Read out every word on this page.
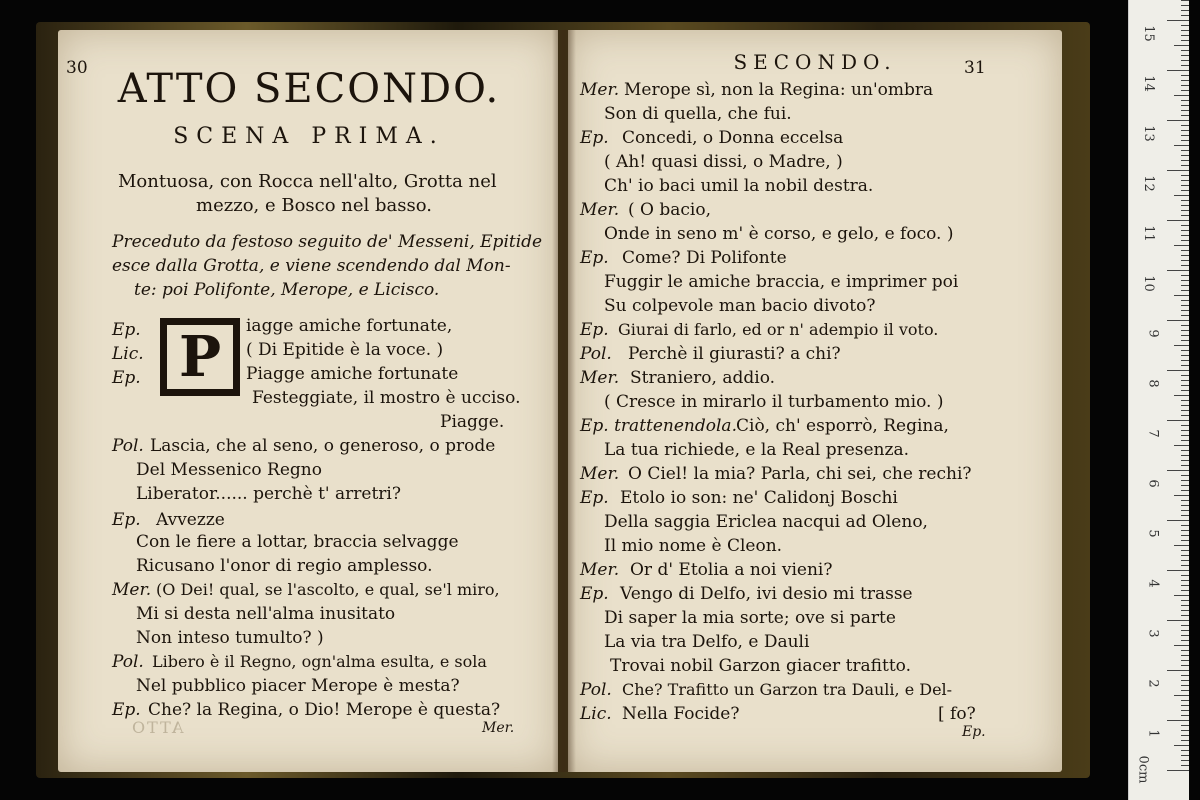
30 ATTO SECONDO.
SCENA PRIMA.
Montuosa, con Rocca nell'alto, Grotta nel
mezzo, e Bosco nel basso.
Preceduto da festoso seguito de' Messeni, Epitide
esce dalla Grotta, e viene scendendo dal Mon-
te: poi Polifonte, Merope, e Licisco.
P
Ep.	iagge amiche fortunate,
Lic.	( Di Epitide è la voce. )
Ep.	Piagge amiche fortunate
Festeggiate, il mostro è ucciso.
Piagge.
Pol. Lascia, che al seno, o generoso, o prode
Del Messenico Regno
Liberator...... perchè t' arretri?
Ep. Avvezze
Con le fiere a lottar, braccia selvagge
Ricusano l'onor di regio amplesso.
Mer. (O Dei! qual, se l'ascolto, e qual, se'l miro,
Mi si desta nell'alma inusitato
Non inteso tumulto? )
Pol. Libero è il Regno, ogn'alma esulta, e sola
Nel pubblico piacer Merope è mesta?
Ep. Che? la Regina, o Dio! Merope è questa?
Mer.
ATTO
SECONDO.	31
Mer. Merope sì, non la Regina: un'ombra
Son di quella, che fui.
Ep. Concedi, o Donna eccelsa
( Ah! quasi dissi, o Madre, )
Ch' io baci umil la nobil destra.
Mer. ( O bacio,
Onde in seno m' è corso, e gelo, e foco. )
Ep. Come? Di Polifonte
Fuggir le amiche braccia, e imprimer poi
Su colpevole man bacio divoto?
Ep. Giurai di farlo, ed or n' adempio il voto.
Pol. Perchè il giurasti? a chi?
Mer. Straniero, addio.
( Cresce in mirarlo il turbamento mio. )
Ep. trattenendola. Ciò, ch' esporrò, Regina,
La tua richiede, e la Real presenza.
Mer. O Ciel! la mia? Parla, chi sei, che rechi?
Ep. Etolo io son: ne' Calidonj Boschi
Della saggia Ericlea nacqui ad Oleno,
Il mio nome è Cleon.
Mer. Or d' Etolia a noi vieni?
Ep. Vengo di Delfo, ivi desio mi trasse
Di saper la mia sorte; ove si parte
La via tra Delfo, e Dauli
Trovai nobil Garzon giacer trafitto.
Pol. Che? Trafitto un Garzon tra Dauli, e Del-
Lic. Nella Focide?	[ fo?
Ep.
0cm
1
2
3
4
5
6
7
8
9
10
11
12
13
14
15
